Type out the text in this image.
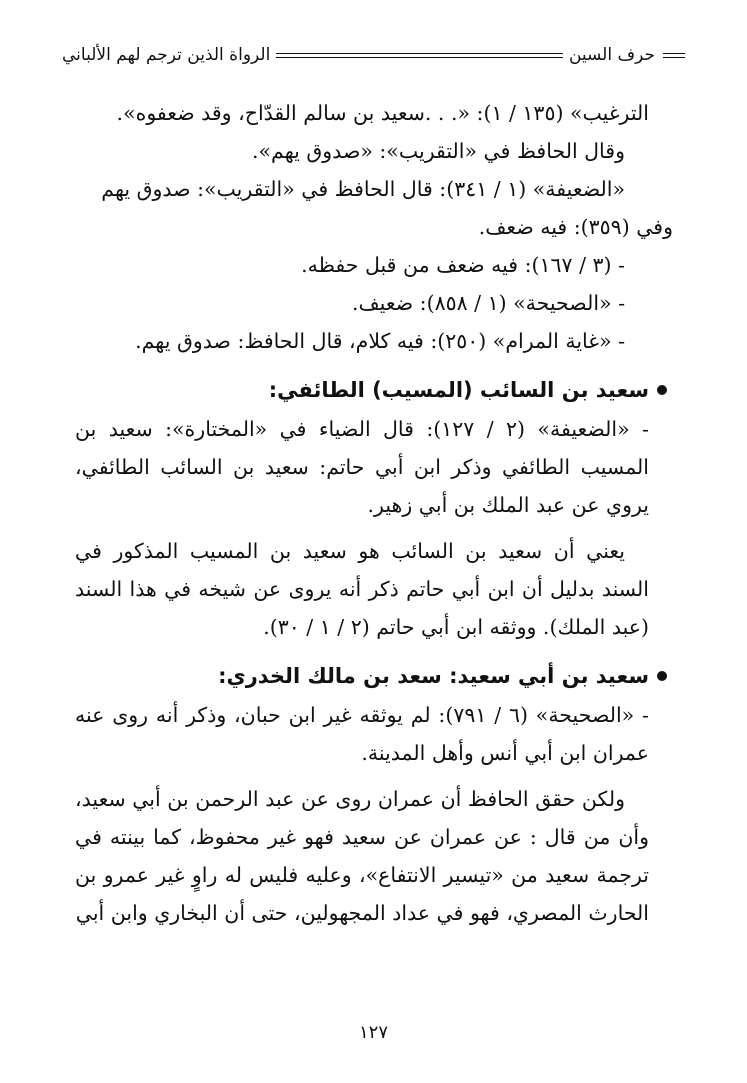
حرف السين
الرواة الذين ترجم لهم الألباني

الترغيب» (١٣٥ / ١): «. . .سعيد بن سالم القدّاح، وقد ضعفوه».

وقال الحافظ في «التقريب»: «صدوق يهم».

«الضعيفة» (١ / ٣٤١): قال الحافظ في «التقريب»: صدوق يهم

وفي (٣٥٩): فيه ضعف.

- (٣ / ١٦٧): فيه ضعف من قبل حفظه.

- «الصحيحة» (١ / ٨٥٨): ضعيف.

- «غاية المرام» (٢٥٠): فيه كلام، قال الحافظ: صدوق يهم.

سعيد بن السائب (المسيب) الطائفي:

- «الضعيفة» (٢ / ١٢٧): قال الضياء في «المختارة»: سعيد بن المسيب الطائفي وذكر ابن أبي حاتم: سعيد بن السائب الطائفي، يروي عن عبد الملك بن أبي زهير.

يعني أن سعيد بن السائب هو سعيد بن المسيب المذكور في السند بدليل أن ابن أبي حاتم ذكر أنه يروى عن شيخه في هذا السند (عبد الملك). ووثقه ابن أبي حاتم (٢ / ١ / ٣٠).

سعيد بن أبي سعيد: سعد بن مالك الخدري:

- «الصحيحة» (٦ / ٧٩١): لم يوثقه غير ابن حبان، وذكر أنه روى عنه عمران ابن أبي أنس وأهل المدينة.

ولكن حقق الحافظ أن عمران روى عن عبد الرحمن بن أبي سعيد، وأن من قال : عن عمران عن سعيد فهو غير محفوظ، كما بينته في ترجمة سعيد من «تيسير الانتفاع»، وعليه فليس له راوٍ غير عمرو بن الحارث المصري، فهو في عداد المجهولين، حتى أن البخاري وابن أبي

١٢٧
